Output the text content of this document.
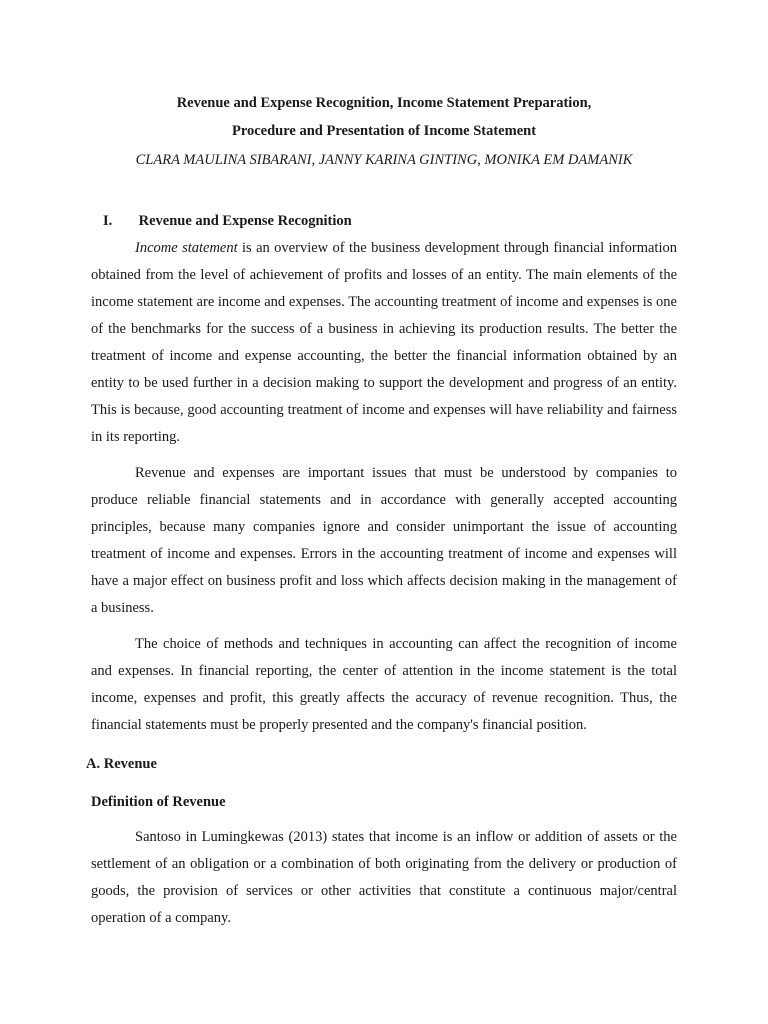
Revenue and Expense Recognition, Income Statement Preparation,
Procedure and Presentation of Income Statement
CLARA MAULINA SIBARANI, JANNY KARINA GINTING, MONIKA EM DAMANIK
I. Revenue and Expense Recognition

Income statement is an overview of the business development through financial information obtained from the level of achievement of profits and losses of an entity. The main elements of the income statement are income and expenses. The accounting treatment of income and expenses is one of the benchmarks for the success of a business in achieving its production results. The better the treatment of income and expense accounting, the better the financial information obtained by an entity to be used further in a decision making to support the development and progress of an entity. This is because, good accounting treatment of income and expenses will have reliability and fairness in its reporting.

Revenue and expenses are important issues that must be understood by companies to produce reliable financial statements and in accordance with generally accepted accounting principles, because many companies ignore and consider unimportant the issue of accounting treatment of income and expenses. Errors in the accounting treatment of income and expenses will have a major effect on business profit and loss which affects decision making in the management of a business.

The choice of methods and techniques in accounting can affect the recognition of income and expenses. In financial reporting, the center of attention in the income statement is the total income, expenses and profit, this greatly affects the accuracy of revenue recognition. Thus, the financial statements must be properly presented and the company's financial position.

A. Revenue
Definition of Revenue

Santoso in Lumingkewas (2013) states that income is an inflow or addition of assets or the settlement of an obligation or a combination of both originating from the delivery or production of goods, the provision of services or other activities that constitute a continuous major/central operation of a company.
